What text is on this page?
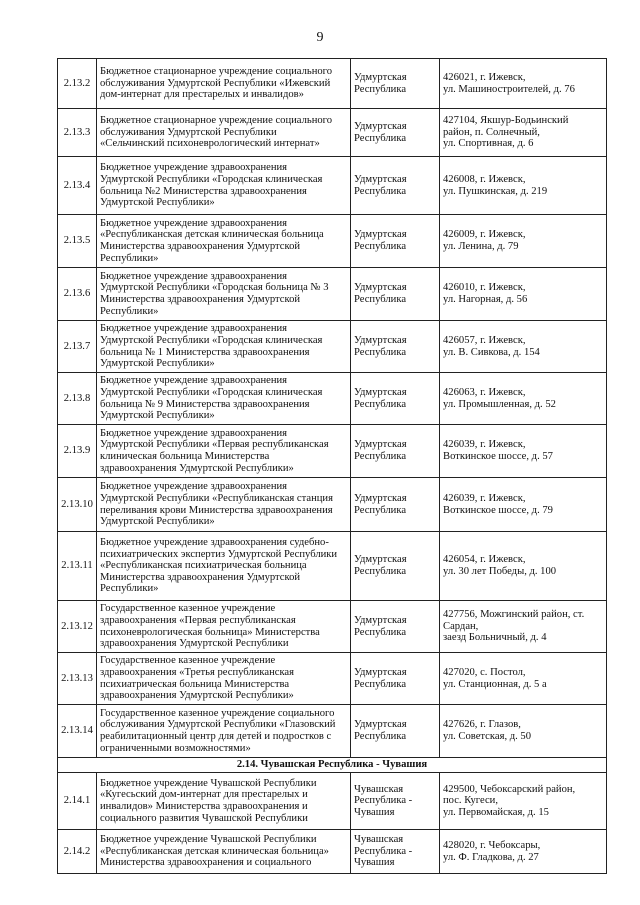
9
2.13.2	Бюджетное стационарное учреждение социального
обслуживания Удмуртской Республики «Ижевский
дом-интернат для престарелых и инвалидов»	Удмуртская
Республика	426021, г. Ижевск,
ул. Машиностроителей, д. 76

2.13.3	Бюджетное стационарное учреждение социального
обслуживания Удмуртской Республики
«Сельчинский психоневрологический интернат»	Удмуртская
Республика	427104, Якшур-Бодьинский
район, п. Солнечный,
ул. Спортивная, д. 6

2.13.4	Бюджетное учреждение здравоохранения
Удмуртской Республики «Городская клиническая
больница №2 Министерства здравоохранения
Удмуртской Республики»	Удмуртская
Республика	426008, г. Ижевск,
ул. Пушкинская, д. 219

2.13.5	Бюджетное учреждение здравоохранения
«Республиканская детская клиническая больница
Министерства здравоохранения Удмуртской
Республики»	Удмуртская
Республика	426009, г. Ижевск,
ул. Ленина, д. 79

2.13.6	Бюджетное учреждение здравоохранения
Удмуртской Республики «Городская больница № 3
Министерства здравоохранения Удмуртской
Республики»	Удмуртская
Республика	426010, г. Ижевск,
ул. Нагорная, д. 56

2.13.7	Бюджетное учреждение здравоохранения
Удмуртской Республики «Городская клиническая
больница № 1 Министерства здравоохранения
Удмуртской Республики»	Удмуртская
Республика	426057, г. Ижевск,
ул. В. Сивкова, д. 154

2.13.8	Бюджетное учреждение здравоохранения
Удмуртской Республики «Городская клиническая
больница № 9 Министерства здравоохранения
Удмуртской Республики»	Удмуртская
Республика	426063, г. Ижевск,
ул. Промышленная, д. 52

2.13.9	Бюджетное учреждение здравоохранения
Удмуртской Республики «Первая республиканская
клиническая больница Министерства
здравоохранения Удмуртской Республики»	Удмуртская
Республика	426039, г. Ижевск,
Воткинское шоссе, д. 57

2.13.10	Бюджетное учреждение здравоохранения
Удмуртской Республики «Республиканская станция
переливания крови Министерства здравоохранения
Удмуртской Республики»	Удмуртская
Республика	426039, г. Ижевск,
Воткинское шоссе, д. 79

2.13.11	Бюджетное учреждение здравоохранения судебно-
психиатрических экспертиз Удмуртской Республики
«Республиканская психиатрическая больница
Министерства здравоохранения Удмуртской
Республики»	Удмуртская
Республика	426054, г. Ижевск,
ул. 30 лет Победы, д. 100

2.13.12	Государственное казенное учреждение
здравоохранения «Первая республиканская
психоневрологическая больница» Министерства
здравоохранения Удмуртской Республики	Удмуртская
Республика	427756, Можгинский район, ст.
Сардан,
заезд Больничный, д. 4

2.13.13	Государственное казенное учреждение
здравоохранения «Третья республиканская
психиатрическая больница Министерства
здравоохранения Удмуртской Республики»	Удмуртская
Республика	427020, с. Постол,
ул. Станционная, д. 5 а

2.13.14	Государственное казенное учреждение социального
обслуживания Удмуртской Республики «Глазовский
реабилитационный центр для детей и подростков с
ограниченными возможностями»	Удмуртская
Республика	427626, г. Глазов,
ул. Советская, д. 50

2.14. Чувашская Республика - Чувашия			
2.14.1	Бюджетное учреждение Чувашской Республики
«Кугесьский дом-интернат для престарелых и
инвалидов» Министерства здравоохранения и
социального развития Чувашской Республики	Чувашская
Республика -
Чувашия	429500, Чебоксарский район,
пос. Кугеси,
ул. Первомайская, д. 15

2.14.2	Бюджетное учреждение Чувашской Республики
«Республиканская детская клиническая больница»
Министерства здравоохранения и социального	Чувашская
Республика -
Чувашия	428020, г. Чебоксары,
ул. Ф. Гладкова, д. 27
